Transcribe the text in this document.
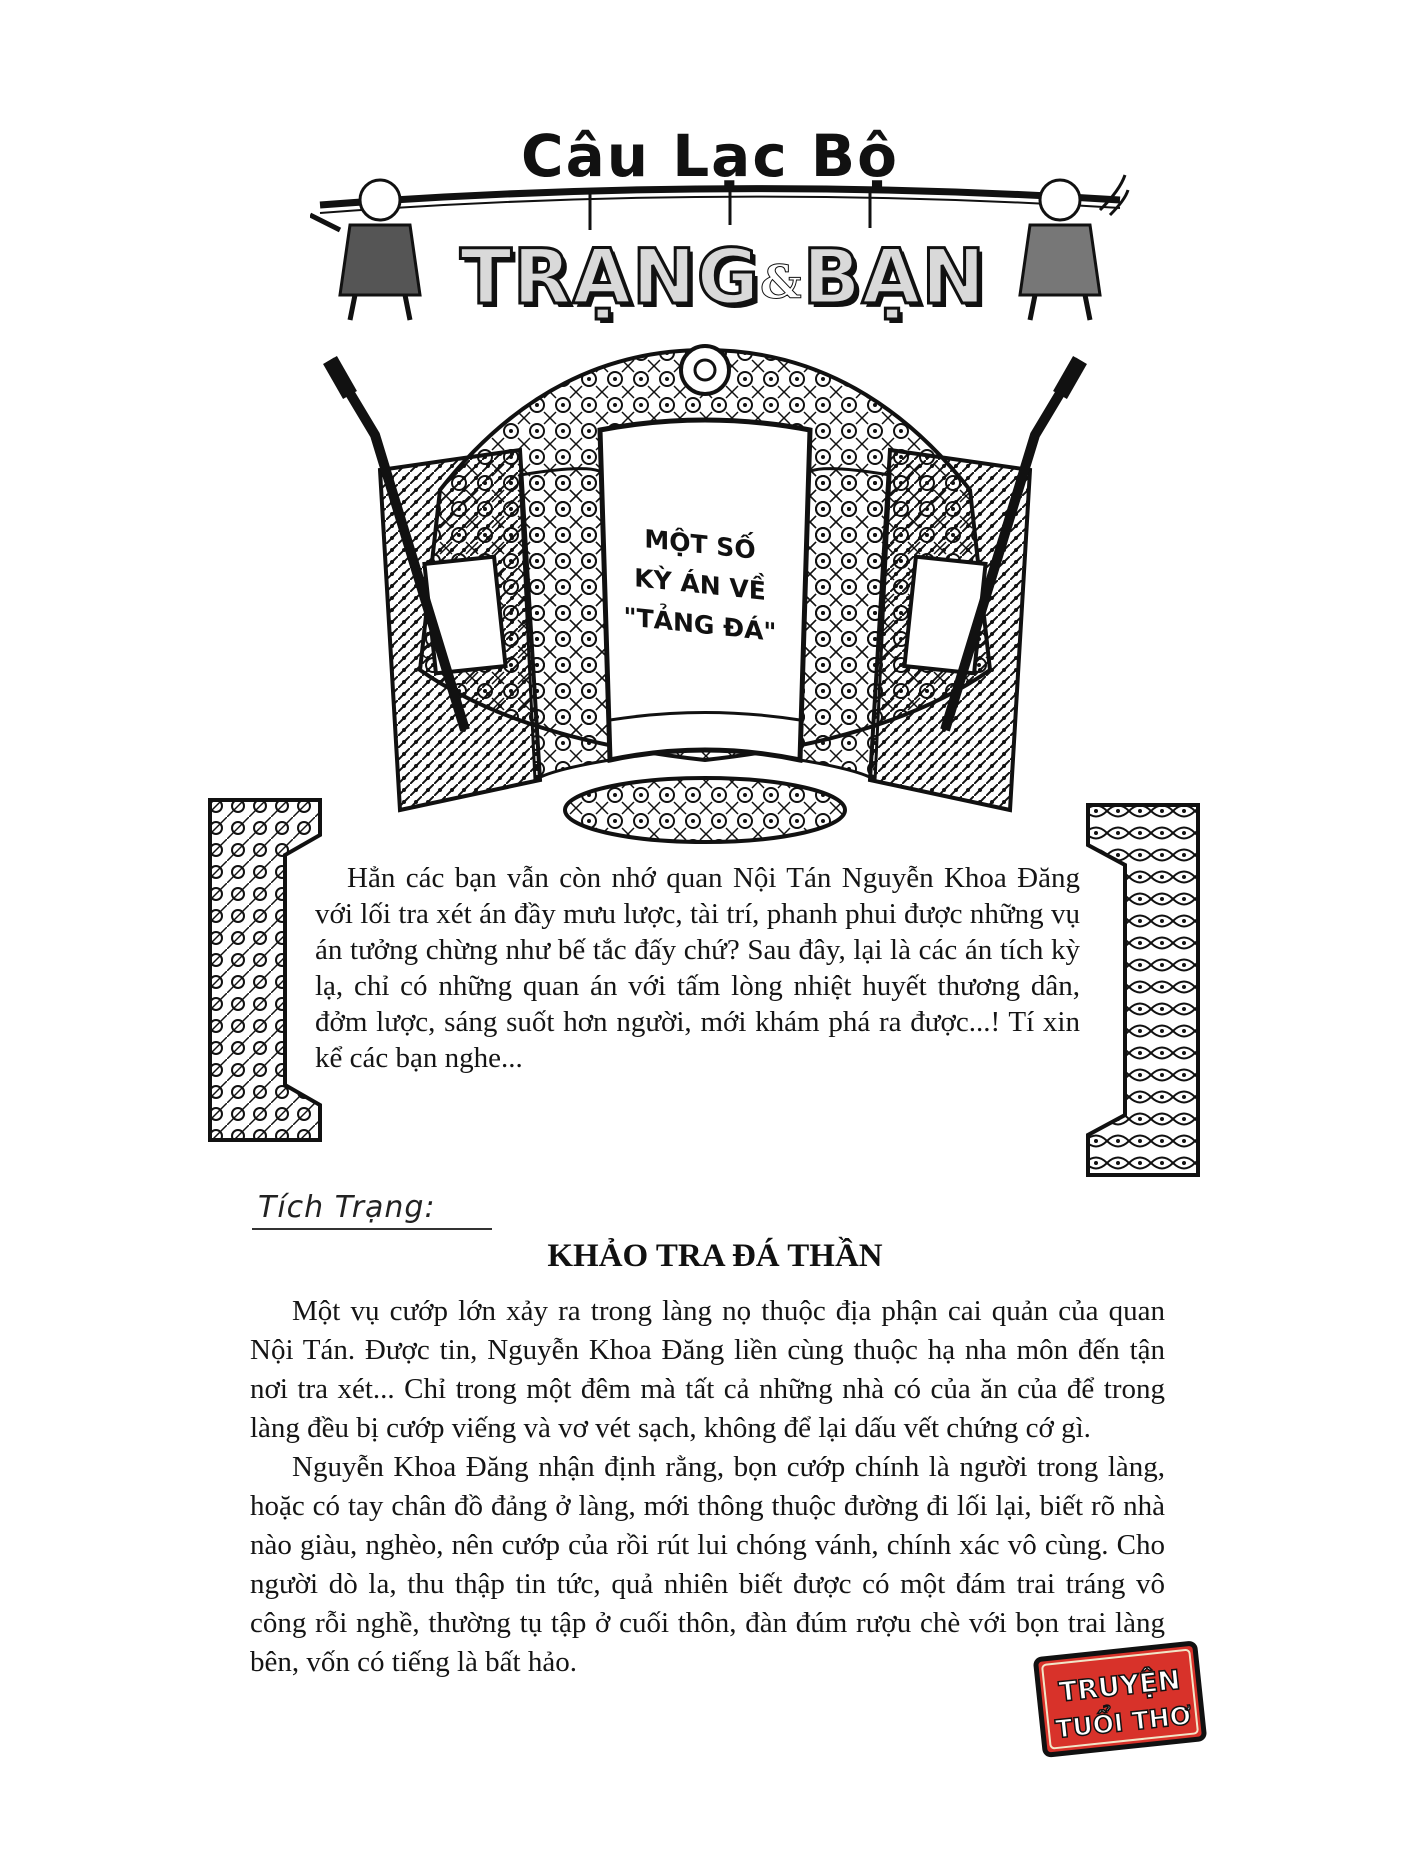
Câu Lạc Bộ
TRẠNG&BẠN
MỘT SỐ
KỲ ÁN VỀ
"TẢNG ĐÁ"

Hẳn các bạn vẫn còn nhớ quan Nội Tán Nguyễn Khoa Đăng với lối tra xét án đầy mưu lược, tài trí, phanh phui được những vụ án tưởng chừng như bế tắc đấy chứ? Sau đây, lại là các án tích kỳ lạ, chỉ có những quan án với tấm lòng nhiệt huyết thương dân, đởm lược, sáng suốt hơn người, mới khám phá ra được...! Tí xin kể các bạn nghe...

Tích Trạng:
KHẢO TRA ĐÁ THẦN

Một vụ cướp lớn xảy ra trong làng nọ thuộc địa phận cai quản của quan Nội Tán. Được tin, Nguyễn Khoa Đăng liền cùng thuộc hạ nha môn đến tận nơi tra xét... Chỉ trong một đêm mà tất cả những nhà có của ăn của để trong làng đều bị cướp viếng và vơ vét sạch, không để lại dấu vết chứng cớ gì.

Nguyễn Khoa Đăng nhận định rằng, bọn cướp chính là người trong làng, hoặc có tay chân đồ đảng ở làng, mới thông thuộc đường đi lối lại, biết rõ nhà nào giàu, nghèo, nên cướp của rồi rút lui chóng vánh, chính xác vô cùng. Cho người dò la, thu thập tin tức, quả nhiên biết được có một đám trai tráng vô công rỗi nghề, thường tụ tập ở cuối thôn, đàn đúm rượu chè với bọn trai làng bên, vốn có tiếng là bất hảo.

TRUYỆN
TUỔI THƠ
